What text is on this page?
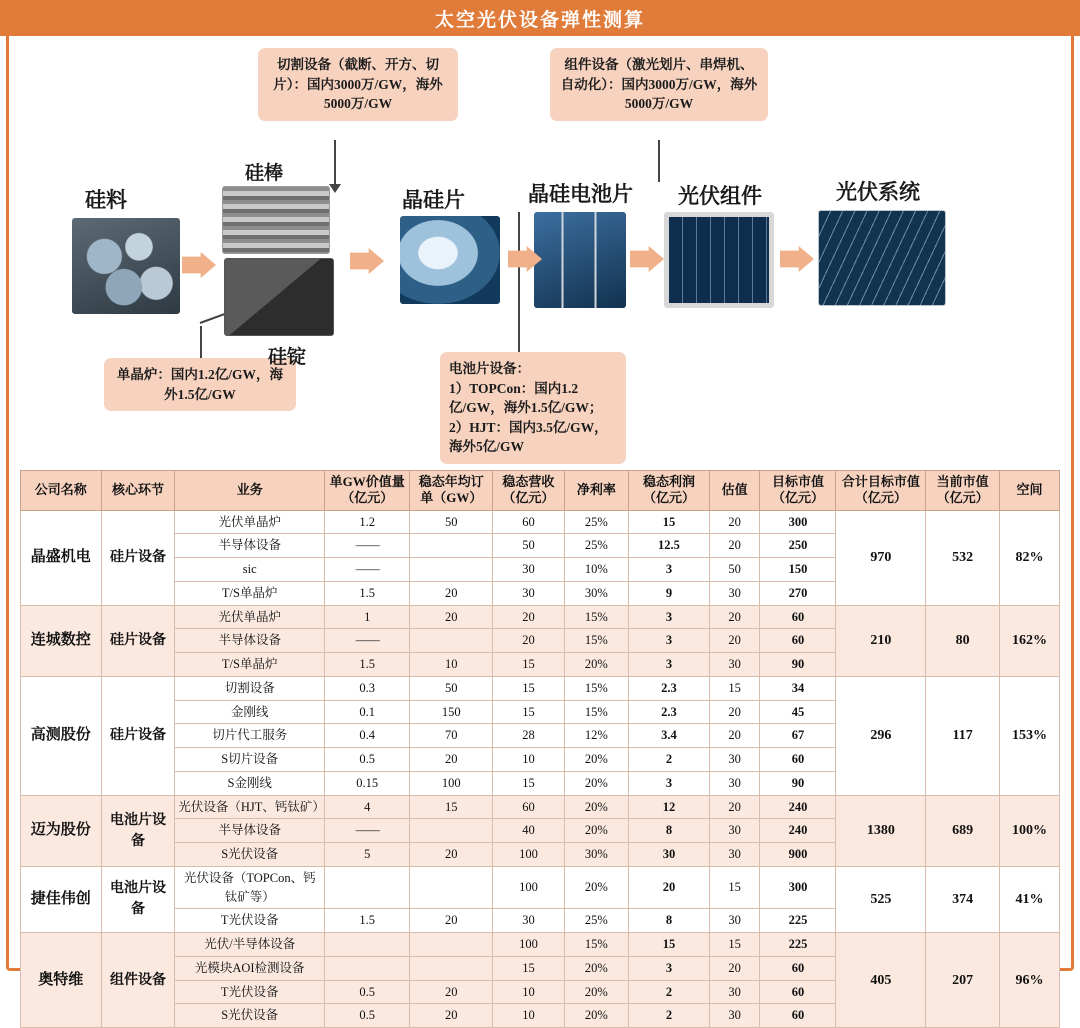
太空光伏设备弹性测算
切割设备（截断、开方、切片）：国内3000万/GW，海外5000万/GW
组件设备（激光划片、串焊机、自动化）：国内3000万/GW，海外5000万/GW
单晶炉：国内1.2亿/GW，海外1.5亿/GW
电池片设备：
1）TOPCon：国内1.2亿/GW，海外1.5亿/GW；
2）HJT：国内3.5亿/GW，海外5亿/GW
硅料
硅棒
硅锭
晶硅片	晶硅电池片 光伏组件	光伏系统
公司名称	核心环节	业务	单GW价值量（亿元）	稳态年均订单（GW）	稳态营收（亿元）	净利率	稳态利润（亿元）	估值	目标市值（亿元）	合计目标市值（亿元）	当前市值（亿元）	空间
晶盛机电	硅片设备	光伏单晶炉	1.2	50	60	25%	15	20	300	970	532	82%
		半导体设备	——		50	25%	12.5	20	250			
		sic	——		30	10%	3	50	150			
		T/S单晶炉	1.5	20	30	30%	9	30	270			
连城数控	硅片设备	光伏单晶炉	1	20	20	15%	3	20	60	210	80	162%
		半导体设备	——		20	15%	3	20	60			
		T/S单晶炉	1.5	10	15	20%	3	30	90			
高测股份	硅片设备	切割设备	0.3	50	15	15%	2.3	15	34	296	117	153%
		金刚线	0.1	150	15	15%	2.3	20	45			
		切片代工服务	0.4	70	28	12%	3.4	20	67			
		S切片设备	0.5	20	10	20%	2	30	60			
		S金刚线	0.15	100	15	20%	3	30	90			
迈为股份	电池片设备	光伏设备（HJT、钙钛矿）	4	15	60	20%	12	20	240	1380	689	100%
		半导体设备	——		40	20%	8	30	240			
		S光伏设备	5	20	100	30%	30	30	900			
捷佳伟创	电池片设备	光伏设备（TOPCon、钙钛矿等）			100	20%	20	15	300	525	374	41%
		T光伏设备	1.5	20	30	25%	8	30	225			
奥特维	组件设备	光伏/半导体设备			100	15%	15	15	225	405	207	96%
		光模块AOI检测设备			15	20%	3	20	60			
		T光伏设备	0.5	20	10	20%	2	30	60			
		S光伏设备	0.5	20	10	20%	2	30	60			
